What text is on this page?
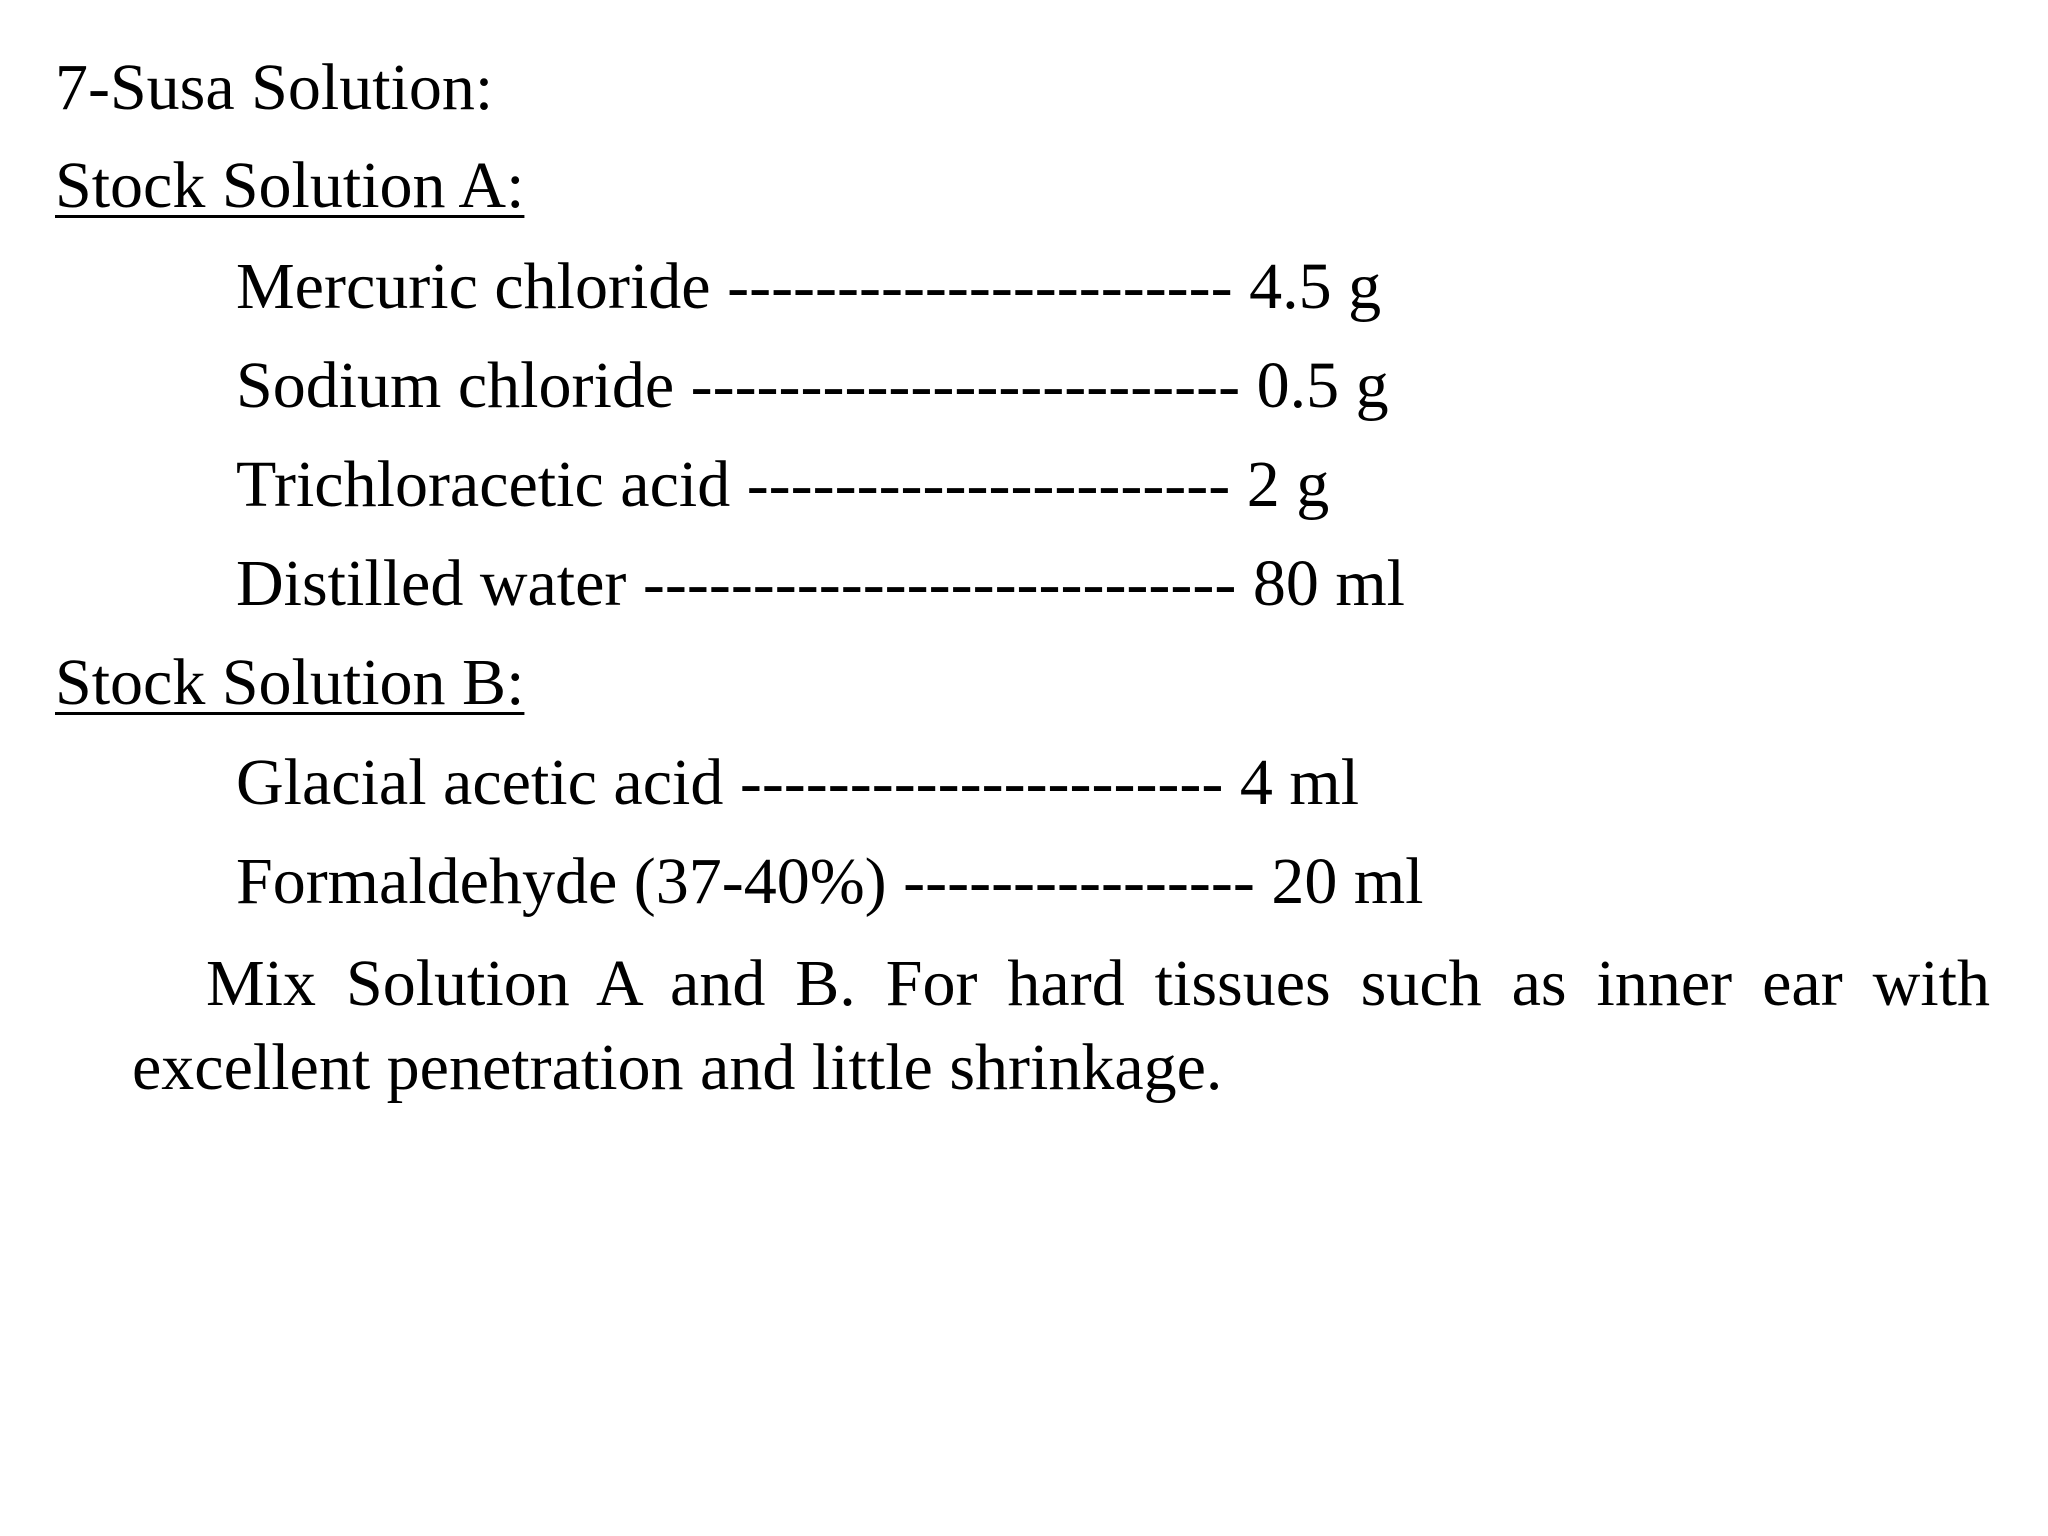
7-Susa Solution:
Stock Solution A:
Mercuric chloride ----------------------- 4.5 g
Sodium chloride ------------------------- 0.5 g
Trichloracetic acid ---------------------- 2 g
Distilled water --------------------------- 80 ml
Stock Solution B:
Glacial acetic acid ---------------------- 4 ml
Formaldehyde (37-40%) ---------------- 20 ml
Mix Solution A and B. For hard tissues such as inner ear with excellent penetration and little shrinkage.
